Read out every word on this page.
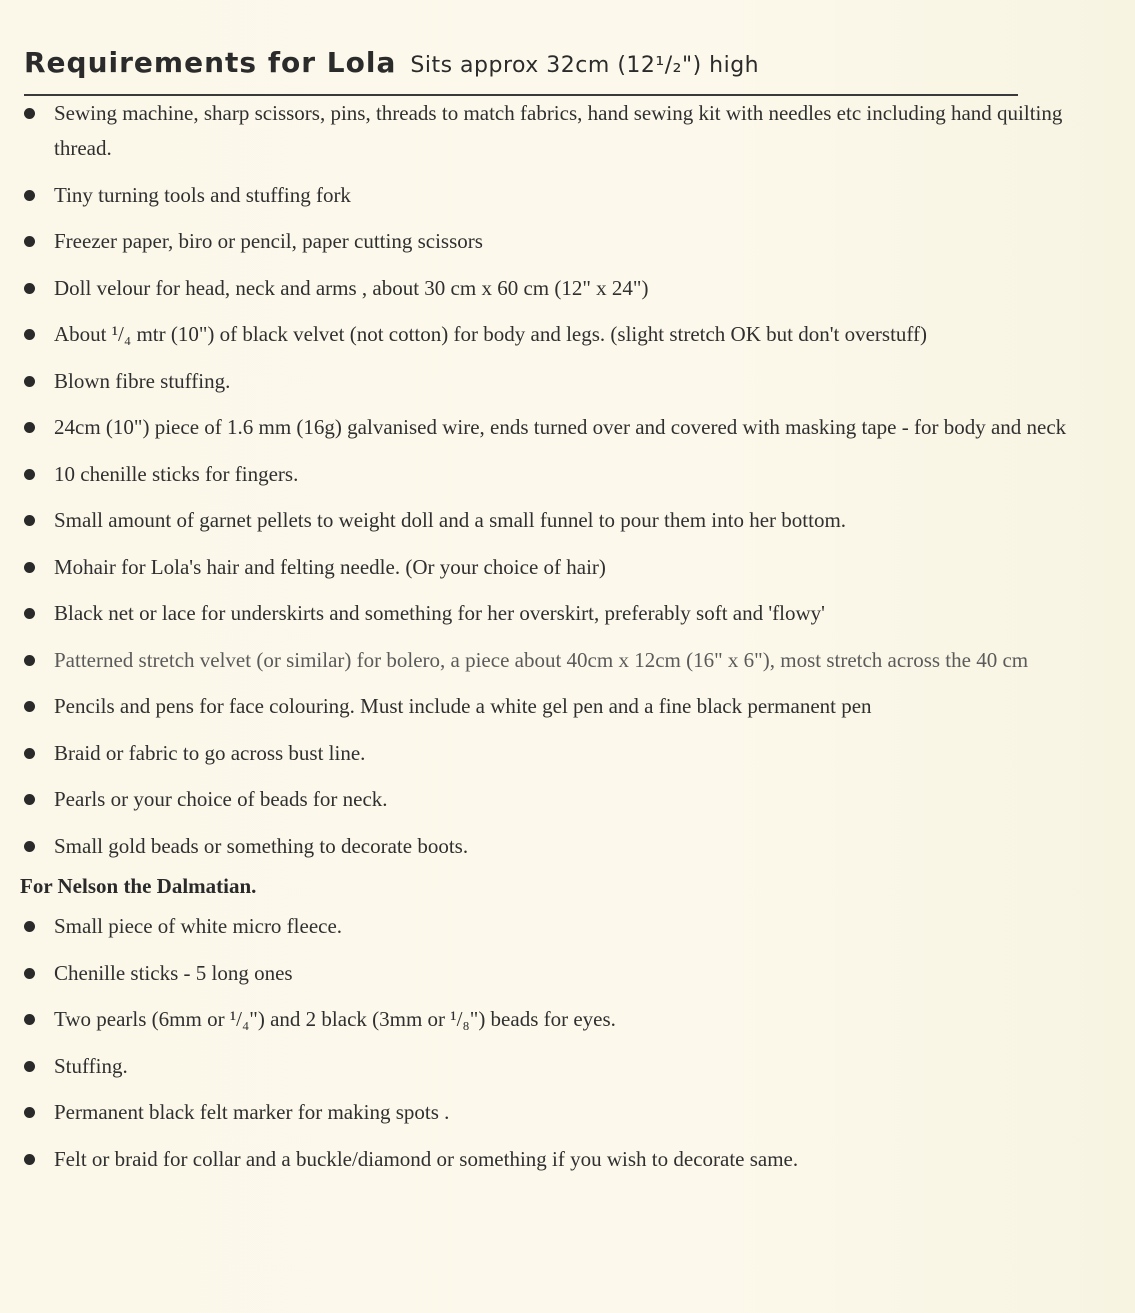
Requirements for Lola Sits approx 32cm (12¹/₂") high
Sewing machine, sharp scissors, pins, threads to match fabrics, hand sewing kit with needles etc including hand quilting thread.
Tiny turning tools and stuffing fork
Freezer paper, biro or pencil, paper cutting scissors
Doll velour for head, neck and arms , about 30 cm x 60 cm (12" x 24")
About ¹/₄ mtr (10") of black velvet (not cotton) for body and legs. (slight stretch OK but don't overstuff)
Blown fibre stuffing.
24cm (10") piece of 1.6 mm (16g) galvanised wire, ends turned over and covered with masking tape - for body and neck
10 chenille sticks for fingers.
Small amount of garnet pellets to weight doll and a small funnel to pour them into her bottom.
Mohair for Lola's hair and felting needle. (Or your choice of hair)
Black net or lace for underskirts and something for her overskirt, preferably soft and 'flowy'
Patterned stretch velvet (or similar) for bolero, a piece about 40cm x 12cm (16" x 6"), most stretch across the 40 cm
Pencils and pens for face colouring. Must include a white gel pen and a fine black permanent pen
Braid or fabric to go across bust line.
Pearls or your choice of beads for neck.
Small gold beads or something to decorate boots.
For Nelson the Dalmatian.
Small piece of white micro fleece.
Chenille sticks - 5 long ones
Two pearls (6mm or ¹/₄") and 2 black (3mm or ¹/₈") beads for eyes.
Stuffing.
Permanent black felt marker for making spots .
Felt or braid for collar and a buckle/diamond or something if you wish to decorate same.
